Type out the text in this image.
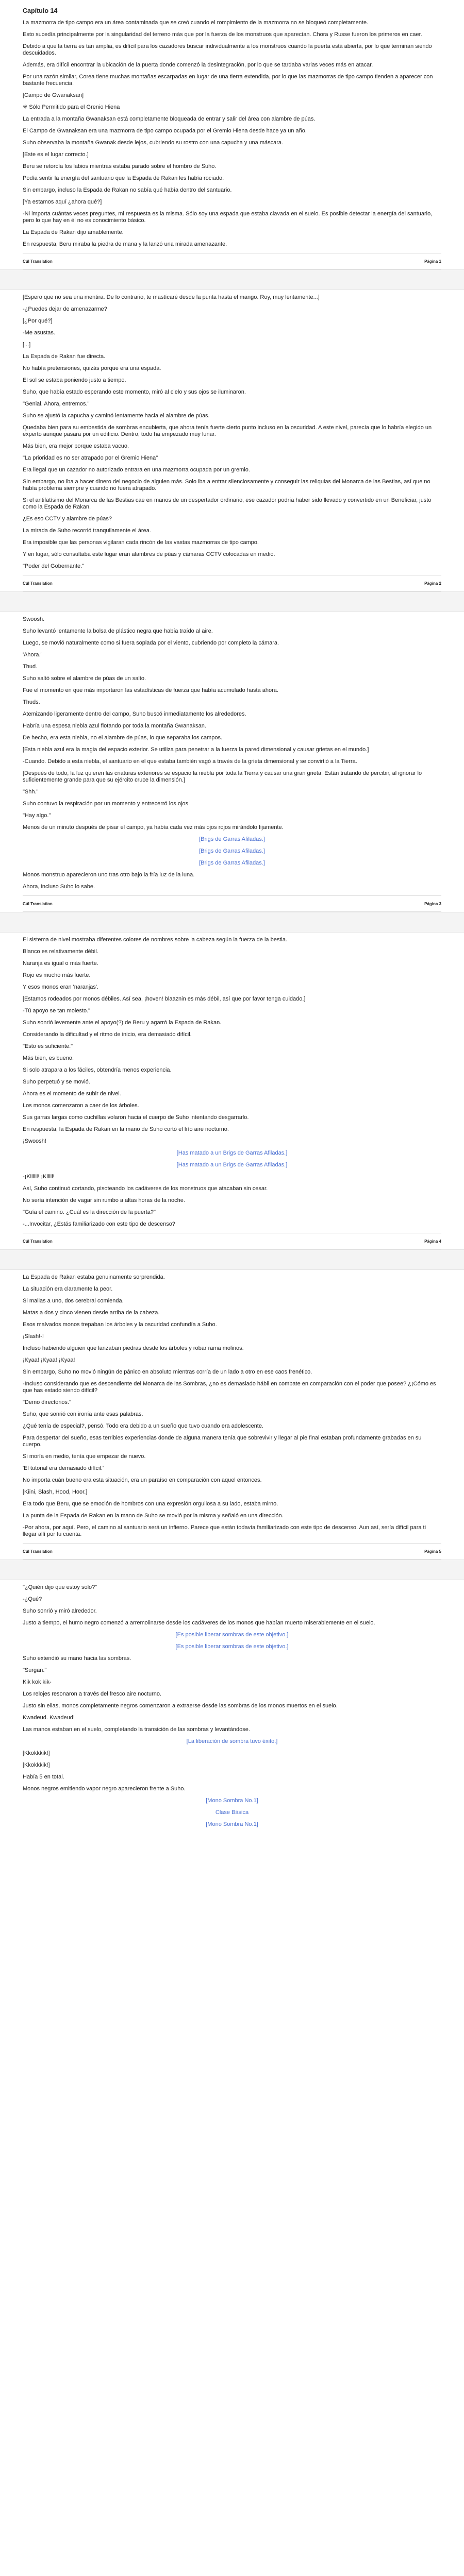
Capítulo 14

La mazmorra de tipo campo era un área contaminada que se creó cuando el rompimiento de la mazmorra no se bloqueó completamente.

Esto sucedía principalmente por la singularidad del terreno más que por la fuerza de los monstruos que aparecían. Chora y Russe fueron los primeros en caer.

Debido a que la tierra es tan amplia, es difícil para los cazadores buscar individualmente a los monstruos cuando la puerta está abierta, por lo que terminan siendo descuidados.

Además, era difícil encontrar la ubicación de la puerta donde comenzó la desintegración, por lo que se tardaba varias veces más en atacar.

Por una razón similar, Corea tiene muchas montañas escarpadas en lugar de una tierra extendida, por lo que las mazmorras de tipo campo tienden a aparecer con bastante frecuencia.

[Campo de Gwanaksan]

※ Sólo Permitido para el Grenio Hiena

La entrada a la montaña Gwanaksan está completamente bloqueada de entrar y salir del área con alambre de púas.

El Campo de Gwanaksan era una mazmorra de tipo campo ocupada por el Gremio Hiena desde hace ya un año.

Suho observaba la montaña Gwanak desde lejos, cubriendo su rostro con una capucha y una máscara.

[Este es el lugar correcto.]

Beru se retorcía los labios mientras estaba parado sobre el hombro de Suho.

Podía sentir la energía del santuario que la Espada de Rakan les había rociado.

Sin embargo, incluso la Espada de Rakan no sabía qué había dentro del santuario.

[Ya estamos aquí ¿ahora qué?]

-Ni importa cuántas veces preguntes, mi respuesta es la misma. Sólo soy una espada que estaba clavada en el suelo. Es posible detectar la energía del santuario, pero lo que hay en él no es conocimiento básico.

La Espada de Rakan dijo amablemente.

En respuesta, Beru miraba la piedra de mana y la lanzó una mirada amenazante.

Cúl Translation	Página 1

[Espero que no sea una mentira. De lo contrario, te mastícaré desde la punta hasta el mango. Roy, muy lentamente...]

-¿Puedes dejar de amenazarme?

[¿Por qué?]

-Me asustas.

[...]

La Espada de Rakan fue directa.

No había pretensiones, quizás porque era una espada.

El sol se estaba poniendo justo a tiempo.

Suho, que había estado esperando este momento, miró al cielo y sus ojos se iluminaron.

"Genial. Ahora, entremos."

Suho se ajustó la capucha y caminó lentamente hacia el alambre de púas.

Quedaba bien para su embestida de sombras encubierta, que ahora tenía fuerte cierto punto incluso en la oscuridad. A este nivel, parecía que lo habría elegido un experto aunque pasara por un edificio. Dentro, todo ha empezado muy lunar.

Más bien, era mejor porque estaba vacuo.

"La prioridad es no ser atrapado por el Gremio Hiena"

Era ilegal que un cazador no autorizado entrara en una mazmorra ocupada por un gremio.

Sin embargo, no iba a hacer dinero del negocio de alguien más. Solo iba a entrar silenciosamente y conseguir las reliquias del Monarca de las Bestias, así que no había problema siempre y cuando no fuera atrapado.

Si el antifatísimo del Monarca de las Bestias cae en manos de un despertador ordinario, ese cazador podría haber sido llevado y convertido en un Beneficiar, justo como la Espada de Rakan.

¿Es eso CCTV y alambre de púas?

La mirada de Suho recorrió tranquilamente el área.

Era imposible que las personas vigilaran cada rincón de las vastas mazmorras de tipo campo.

Y en lugar, sólo consultaba este lugar eran alambres de púas y cámaras CCTV colocadas en medio.

"Poder del Gobernante."

Cúl Translation	Página 2

Swoosh.

Suho levantó lentamente la bolsa de plástico negra que había traído al aire.

Luego, se movió naturalmente como si fuera soplada por el viento, cubriendo por completo la cámara.

'Ahora.'

Thud.

Suho saltó sobre el alambre de púas de un salto.

Fue el momento en que más importaron las estadísticas de fuerza que había acumulado hasta ahora.

Thuds.

Atemizando ligeramente dentro del campo, Suho buscó inmediatamente los alrededores.

Habría una espesa niebla azul flotando por toda la montaña Gwanaksan.

De hecho, era esta niebla, no el alambre de púas, lo que separaba los campos.

[Esta niebla azul era la magia del espacio exterior. Se utiliza para penetrar a la fuerza la pared dimensional y causar grietas en el mundo.]

-Cuando. Debido a esta niebla, el santuario en el que estaba también vagó a través de la grieta dimensional y se convirtió a la Tierra.

[Después de todo, la luz quieren las criaturas exteriores se espacio la niebla por toda la Tierra y causar una gran grieta. Están tratando de percibir, al ignorar lo suficientemente grande para que su ejército cruce la dimensión.]

"Shh."

Suho contuvo la respiración por un momento y entrecerró los ojos.

"Hay algo."

Menos de un minuto después de pisar el campo, ya había cada vez más ojos rojos mirándolo fijamente.

[Brigs de Garras Afiladas.]

[Brigs de Garras Afiladas.]

[Brigs de Garras Afiladas.]

Monos monstruo aparecieron uno tras otro bajo la fría luz de la luna.

Ahora, incluso Suho lo sabe.

Cúl Translation	Página 3

El sistema de nivel mostraba diferentes colores de nombres sobre la cabeza según la fuerza de la bestia.

Blanco es relativamente débil.

Naranja es igual o más fuerte.

Rojo es mucho más fuerte.

Y esos monos eran 'naranjas'.

[Estamos rodeados por monos débiles. Así sea, ¡hoven! blaaznin es más débil, así que por favor tenga cuidado.]

-Tú apoyo se tan molesto."

Suho sonrió levemente ante el apoyo(?) de Beru y agarró la Espada de Rakan.

Considerando la dificultad y el ritmo de inicio, era demasiado difícil.

"Esto es suficiente."

Más bien, es bueno.

Si solo atrapara a los fáciles, obtendría menos experiencia.

Suho perpetuó y se movió.

Ahora es el momento de subir de nivel.

Los monos comenzaron a caer de los árboles.

Sus garras largas como cuchillas volaron hacia el cuerpo de Suho intentando desgarrarlo.

En respuesta, la Espada de Rakan en la mano de Suho cortó el frío aire nocturno.

¡Swoosh!

[Has matado a un Brigs de Garras Afiladas.]

[Has matado a un Brigs de Garras Afiladas.]

-¡Kiiiiii! ¡Kiiiii!

Así, Suho continuó cortando, pisoteando los cadáveres de los monstruos que atacaban sin cesar.

No sería intención de vagar sin rumbo a altas horas de la noche.

"Guía el camino. ¿Cuál es la dirección de la puerta?"

-...Invocitar, ¿Estás familiarizado con este tipo de descenso?

Cúl Translation	Página 4

La Espada de Rakan estaba genuinamente sorprendida.

La situación era claramente la peor.

Si mallas a uno, dos cerebral comienda.

Matas a dos y cinco vienen desde arriba de la cabeza.

Esos malvados monos trepaban los árboles y la oscuridad confundía a Suho.

¡Slash!-!

Incluso habiendo alguien que lanzaban piedras desde los árboles y robar rama molinos.

¡Kyaa! ¡Kyaa! ¡Kyaa!

Sin embargo, Suho no movió ningún de pánico en absoluto mientras corría de un lado a otro en ese caos frenético.

-Incluso considerando que es descendiente del Monarca de las Sombras, ¿no es demasiado hábil en combate en comparación con el poder que posee? ¿¡Cómo es que has estado siendo difícil?

"Demo directorios."

Suho, que sonrió con ironía ante esas palabras.

¿Qué tenía de especial?, pensó. Todo era debido a un sueño que tuvo cuando era adolescente.

Para despertar del sueño, esas terribles experiencias donde de alguna manera tenía que sobrevivir y llegar al pie final estaban profundamente grabadas en su cuerpo.

Si moría en medio, tenía que empezar de nuevo.

'El tutorial era demasiado difícil.'

No importa cuán bueno era esta situación, era un paraíso en comparación con aquel entonces.

[Kiini, Slash, Hood, Hoor.]

Era todo que Beru, que se emoción de hombros con una expresión orgullosa a su lado, estaba mirno.

La punta de la Espada de Rakan en la mano de Suho se movió por la misma y señaló en una dirección.

-Por ahora, por aquí. Pero, el camino al santuario será un infierno. Parece que están todavía familiarizado con este tipo de descenso. Aun así, sería difícil para ti llegar allí por tu cuenta.

Cúl Translation	Página 5

"¿Quién dijo que estoy solo?"

-¿Qué?

Suho sonrió y miró alrededor.

Justo a tiempo, el humo negro comenzó a arremolinarse desde los cadáveres de los monos que habían muerto miserablemente en el suelo.

[Es posible liberar sombras de este objetivo.]

[Es posible liberar sombras de este objetivo.]

Suho extendió su mano hacia las sombras.

"Surgan."

Kik kok kik-

Los relojes resonaron a través del fresco aire nocturno.

Justo sin ellas, monos completamente negros comenzaron a extraerse desde las sombras de los monos muertos en el suelo.

Kwadeud. Kwadeud!

Las manos estaban en el suelo, completando la transición de las sombras y levantándose.

[La liberación de sombra tuvo éxito.]

[Kkokkkik!]

[Kkokkkik!]

Había 5 en total.

Monos negros emitiendo vapor negro aparecieron frente a Suho.

[Mono Sombra No.1]

Clase Básica

[Mono Sombra No.1]
